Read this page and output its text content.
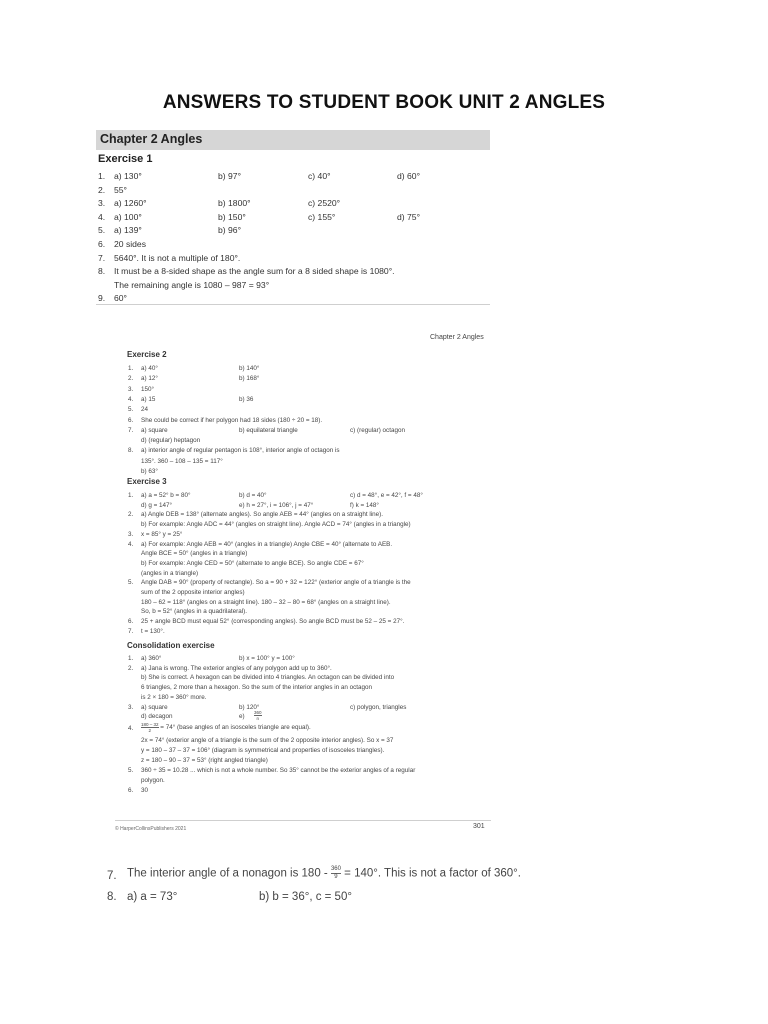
ANSWERS TO STUDENT BOOK UNIT 2 ANGLES
Chapter 2 Angles
Exercise 1
1. a) 130°	b) 97°	c) 40°	d) 60°
2. 55°
3. a) 1260°	b) 1800°	c) 2520°
4. a) 100°	b) 150°	c) 155°	d) 75°
5. a) 139°	b) 96°
6. 20 sides
7. 5640°. It is not a multiple of 180°.
8. It must be a 8-sided shape as the angle sum for a 8 sided shape is 1080°.
The remaining angle is 1080 – 987 = 93°
9. 60°
Chapter 2 Angles
Exercise 2
1. a) 40°	b) 140°
2. a) 12°	b) 168°
3. 150°
4. a) 15	b) 36
5. 24
6. She could be correct if her polygon had 18 sides (180 ÷ 20 = 18).
7. a) square	b) equilateral triangle	c) (regular) octagon
d) (regular) heptagon
8. a) interior angle of regular pentagon is 108°, interior angle of octagon is
135°. 360 – 108 – 135 = 117°
b) 63°
Exercise 3
1. a) a = 52° b = 80°	b) d = 40°	c) d = 48°, e = 42°, f = 48°
d) g = 147°	e) h = 27°, i = 106°, j = 47°	f) k = 148°
2. a) Angle DEB = 138° (alternate angles). So angle AEB = 44° (angles on a straight line).
b) For example: Angle ADC = 44° (angles on straight line). Angle ACD = 74° (angles in a triangle)
3. x = 85° y = 25°
4. a) For example: Angle AEB = 40° (angles in a triangle) Angle CBE = 40° (alternate to AEB.
Angle BCE = 50° (angles in a triangle)
b) For example: Angle CED = 50° (alternate to angle BCE). So angle CDE = 67°
(angles in a triangle)
5. Angle DAB = 90° (property of rectangle). So a = 90 + 32 = 122° (exterior angle of a triangle is the
sum of the 2 opposite interior angles)
180 – 62 = 118° (angles on a straight line). 180 – 32 – 80 = 68° (angles on a straight line).
So, b = 52° (angles in a quadrilateral).
6. 25 + angle BCD must equal 52° (corresponding angles). So angle BCD must be 52 – 25 = 27°.
7. t = 130°.
Consolidation exercise
1. a) 360°	b) x = 100° y = 100°
2. a) Jana is wrong. The exterior angles of any polygon add up to 360°.
b) She is correct. A hexagon can be divided into 4 triangles. An octagon can be divided into
6 triangles, 2 more than a hexagon. So the sum of the interior angles in an octagon
is 2 × 180 = 360° more.
3. a) square	b) 120°	c) polygon, triangles
d) decagon	$e) \frac{360}{n}$
4. $\frac{180 - 32}{2} = 74^\circ$ (base angles of an isosceles triangle are equal).
2x = 74° (exterior angle of a triangle is the sum of the 2 opposite interior angles). So x = 37
y = 180 – 37 – 37 = 106° (diagram is symmetrical and properties of isosceles triangles).
z = 180 – 90 – 37 = 53° (right angled triangle)
5. 360 ÷ 35 = 10.28 ... which is not a whole number. So 35° cannot be the exterior angles of a regular
polygon.
6. 30
© HarperCollinsPublishers 2021	301
7. The interior angle of a nonagon is $180 - \frac{360}{9} = 140^\circ$. This is not a factor of 360°.
8. a) a = 73°	b) b = 36°, c = 50°
